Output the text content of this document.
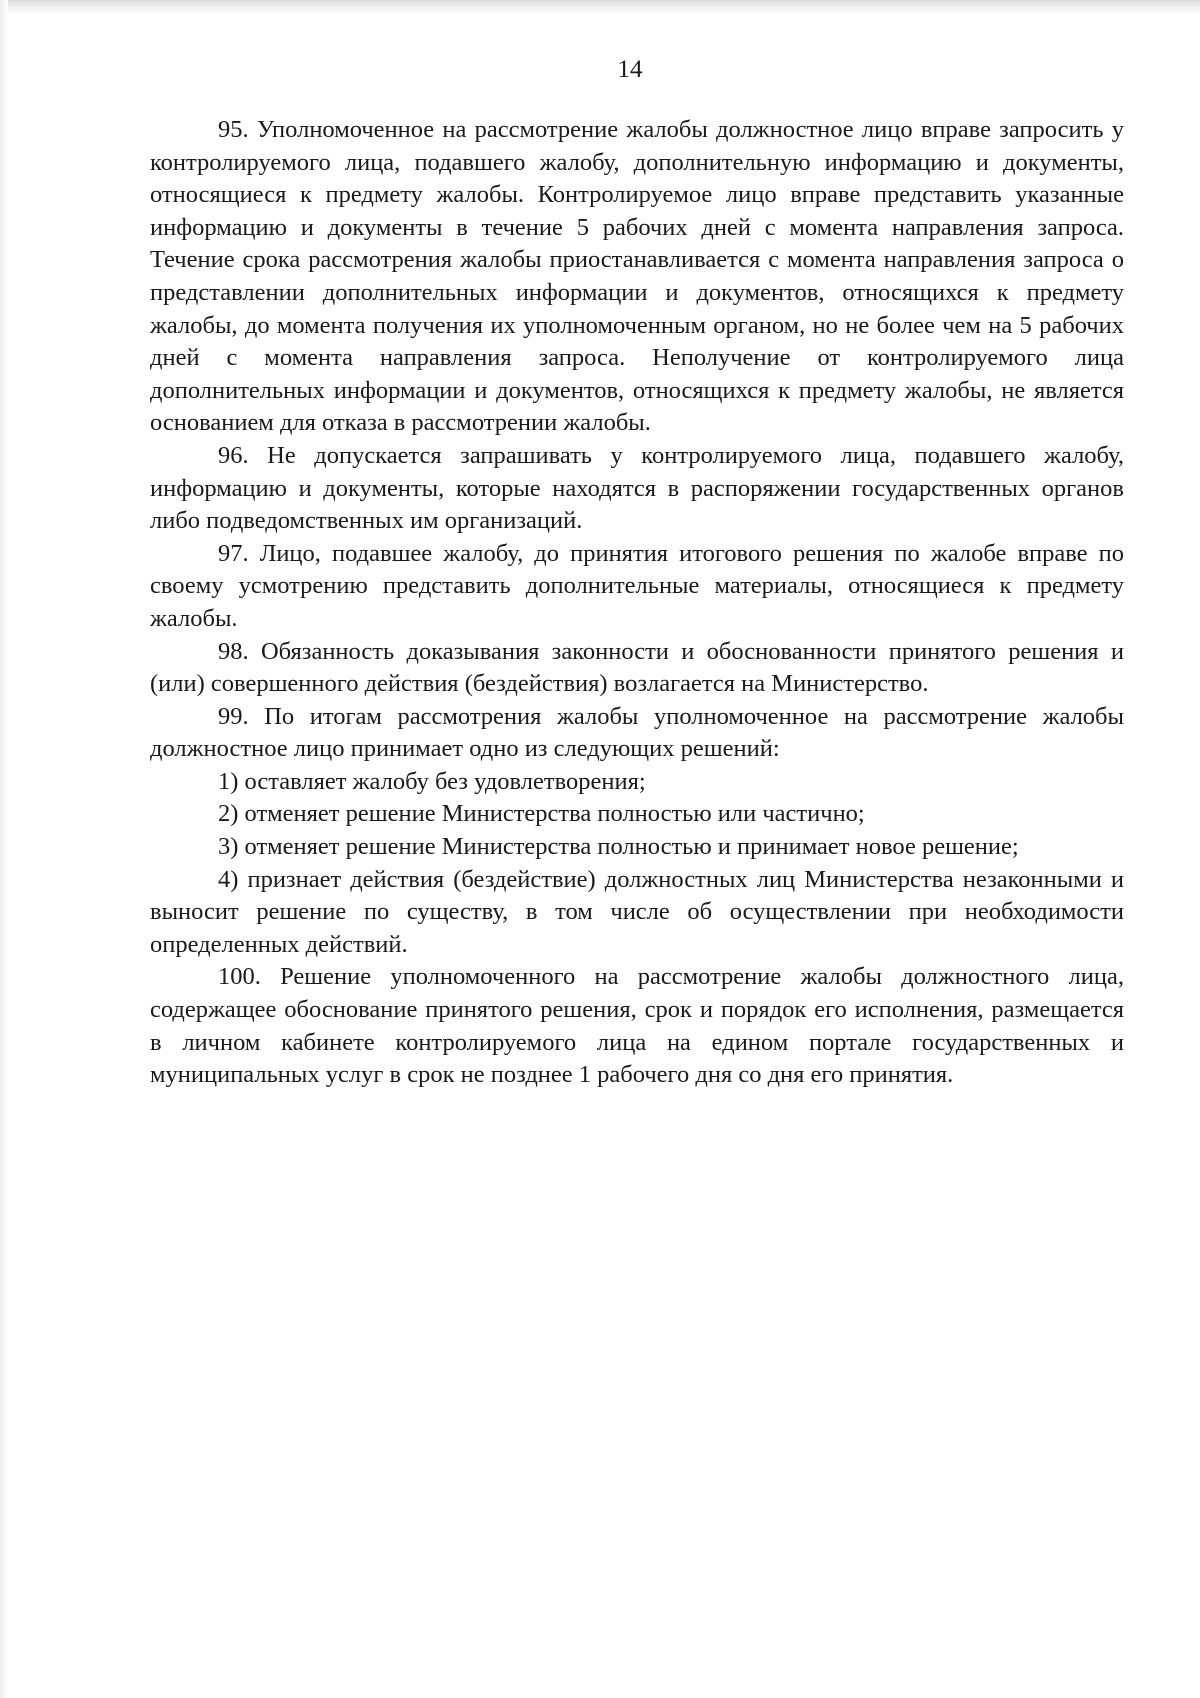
14

95. Уполномоченное на рассмотрение жалобы должностное лицо вправе запросить у контролируемого лица, подавшего жалобу, дополнительную информацию и документы, относящиеся к предмету жалобы. Контролируемое лицо вправе представить указанные информацию и документы в течение 5 рабочих дней с момента направления запроса. Течение срока рассмотрения жалобы приостанавливается с момента направления запроса о представлении дополнительных информации и документов, относящихся к предмету жалобы, до момента получения их уполномоченным органом, но не более чем на 5 рабочих дней с момента направления запроса. Неполучение от контролируемого лица дополнительных информации и документов, относящихся к предмету жалобы, не является основанием для отказа в рассмотрении жалобы.

96. Не допускается запрашивать у контролируемого лица, подавшего жалобу, информацию и документы, которые находятся в распоряжении государственных органов либо подведомственных им организаций.

97. Лицо, подавшее жалобу, до принятия итогового решения по жалобе вправе по своему усмотрению представить дополнительные материалы, относящиеся к предмету жалобы.

98. Обязанность доказывания законности и обоснованности принятого решения и (или) совершенного действия (бездействия) возлагается на Министерство.

99. По итогам рассмотрения жалобы уполномоченное на рассмотрение жалобы должностное лицо принимает одно из следующих решений:

1) оставляет жалобу без удовлетворения;

2) отменяет решение Министерства полностью или частично;

3) отменяет решение Министерства полностью и принимает новое решение;

4) признает действия (бездействие) должностных лиц Министерства незаконными и выносит решение по существу, в том числе об осуществлении при необходимости определенных действий.

100. Решение уполномоченного на рассмотрение жалобы должностного лица, содержащее обоснование принятого решения, срок и порядок его исполнения, размещается в личном кабинете контролируемого лица на едином портале государственных и муниципальных услуг в срок не позднее 1 рабочего дня со дня его принятия.
